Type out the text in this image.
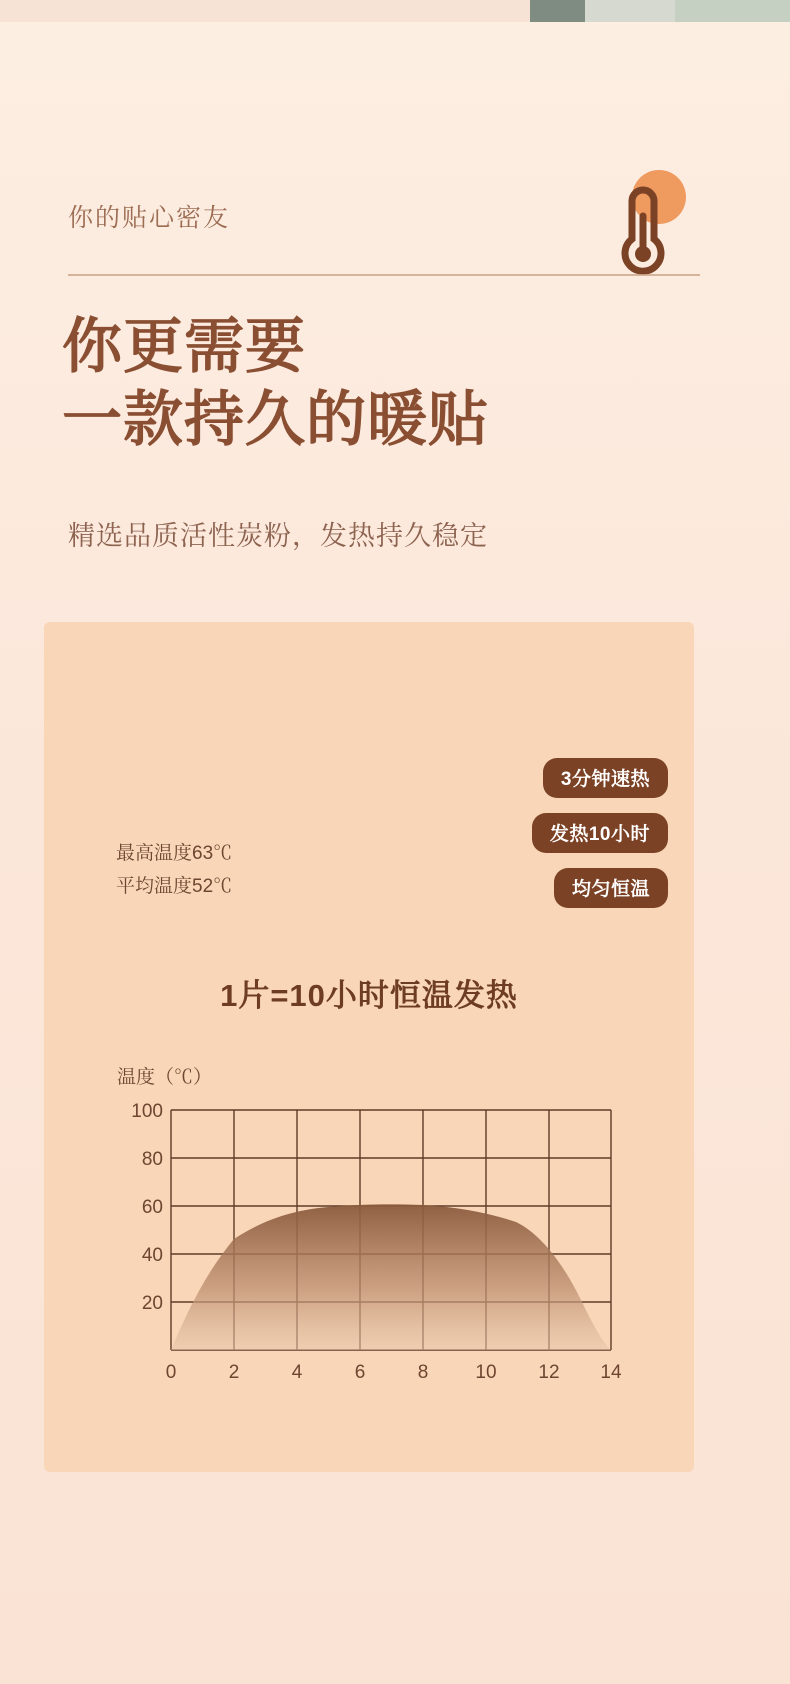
你的贴心密友
你更需要
一款持久的暖贴
精选品质活性炭粉，发热持久稳定
3分钟速热
发热10小时
均匀恒温
最高温度63℃
平均温度52℃
1片=10小时恒温发热
温度（℃）
100
80
60
40
20
0	2	4	6	8 10 12 14
